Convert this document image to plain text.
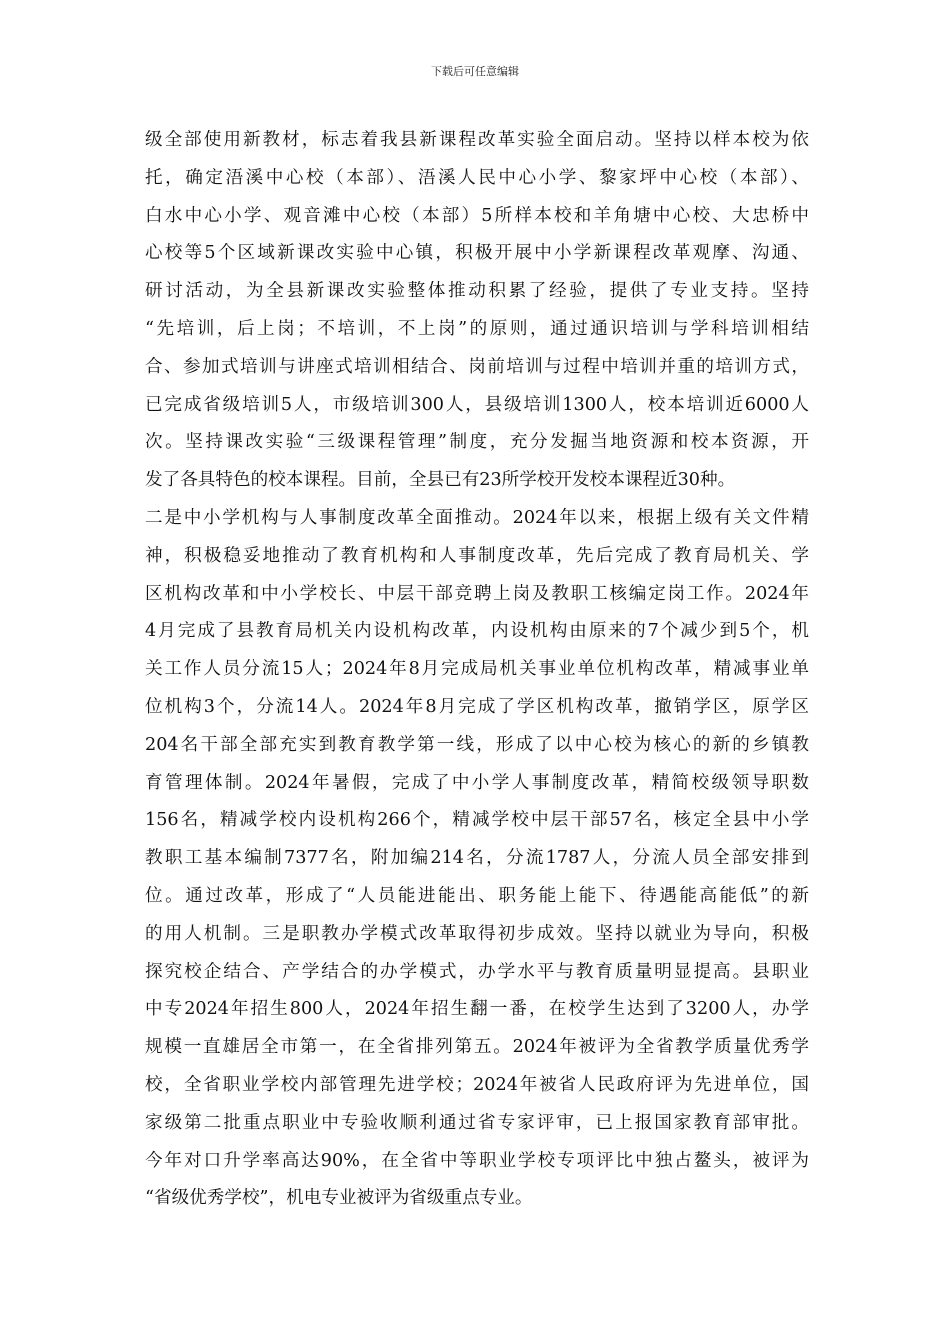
下载后可任意编辑
级全部使用新教材，标志着我县新课程改革实验全面启动。坚持以样本校为依
托，确定浯溪中心校（本部）、浯溪人民中心小学、黎家坪中心校（本部）、
白水中心小学、观音滩中心校（本部）5所样本校和羊角塘中心校、大忠桥中
心校等5个区域新课改实验中心镇，积极开展中小学新课程改革观摩、沟通、
研讨活动，为全县新课改实验整体推动积累了经验，提供了专业支持。坚持
“先培训，后上岗；不培训，不上岗”的原则，通过通识培训与学科培训相结
合、参加式培训与讲座式培训相结合、岗前培训与过程中培训并重的培训方式，
已完成省级培训5人，市级培训300人，县级培训1300人，校本培训近6000人
次。坚持课改实验“三级课程管理”制度，充分发掘当地资源和校本资源，开
发了各具特色的校本课程。目前，全县已有23所学校开发校本课程近30种。
二是中小学机构与人事制度改革全面推动。2024年以来，根据上级有关文件精
神，积极稳妥地推动了教育机构和人事制度改革，先后完成了教育局机关、学
区机构改革和中小学校长、中层干部竞聘上岗及教职工核编定岗工作。2024年
4月完成了县教育局机关内设机构改革，内设机构由原来的7个减少到5个，机
关工作人员分流15人；2024年8月完成局机关事业单位机构改革，精减事业单
位机构3个，分流14人。2024年8月完成了学区机构改革，撤销学区，原学区
204名干部全部充实到教育教学第一线，形成了以中心校为核心的新的乡镇教
育管理体制。2024年暑假，完成了中小学人事制度改革，精简校级领导职数
156名，精减学校内设机构266个，精减学校中层干部57名，核定全县中小学
教职工基本编制7377名，附加编214名，分流1787人，分流人员全部安排到
位。通过改革，形成了“人员能进能出、职务能上能下、待遇能高能低”的新
的用人机制。三是职教办学模式改革取得初步成效。坚持以就业为导向，积极
探究校企结合、产学结合的办学模式，办学水平与教育质量明显提高。县职业
中专2024年招生800人，2024年招生翻一番，在校学生达到了3200人，办学
规模一直雄居全市第一，在全省排列第五。2024年被评为全省教学质量优秀学
校，全省职业学校内部管理先进学校；2024年被省人民政府评为先进单位，国
家级第二批重点职业中专验收顺利通过省专家评审，已上报国家教育部审批。
今年对口升学率高达90%，在全省中等职业学校专项评比中独占鳌头，被评为
“省级优秀学校”，机电专业被评为省级重点专业。
